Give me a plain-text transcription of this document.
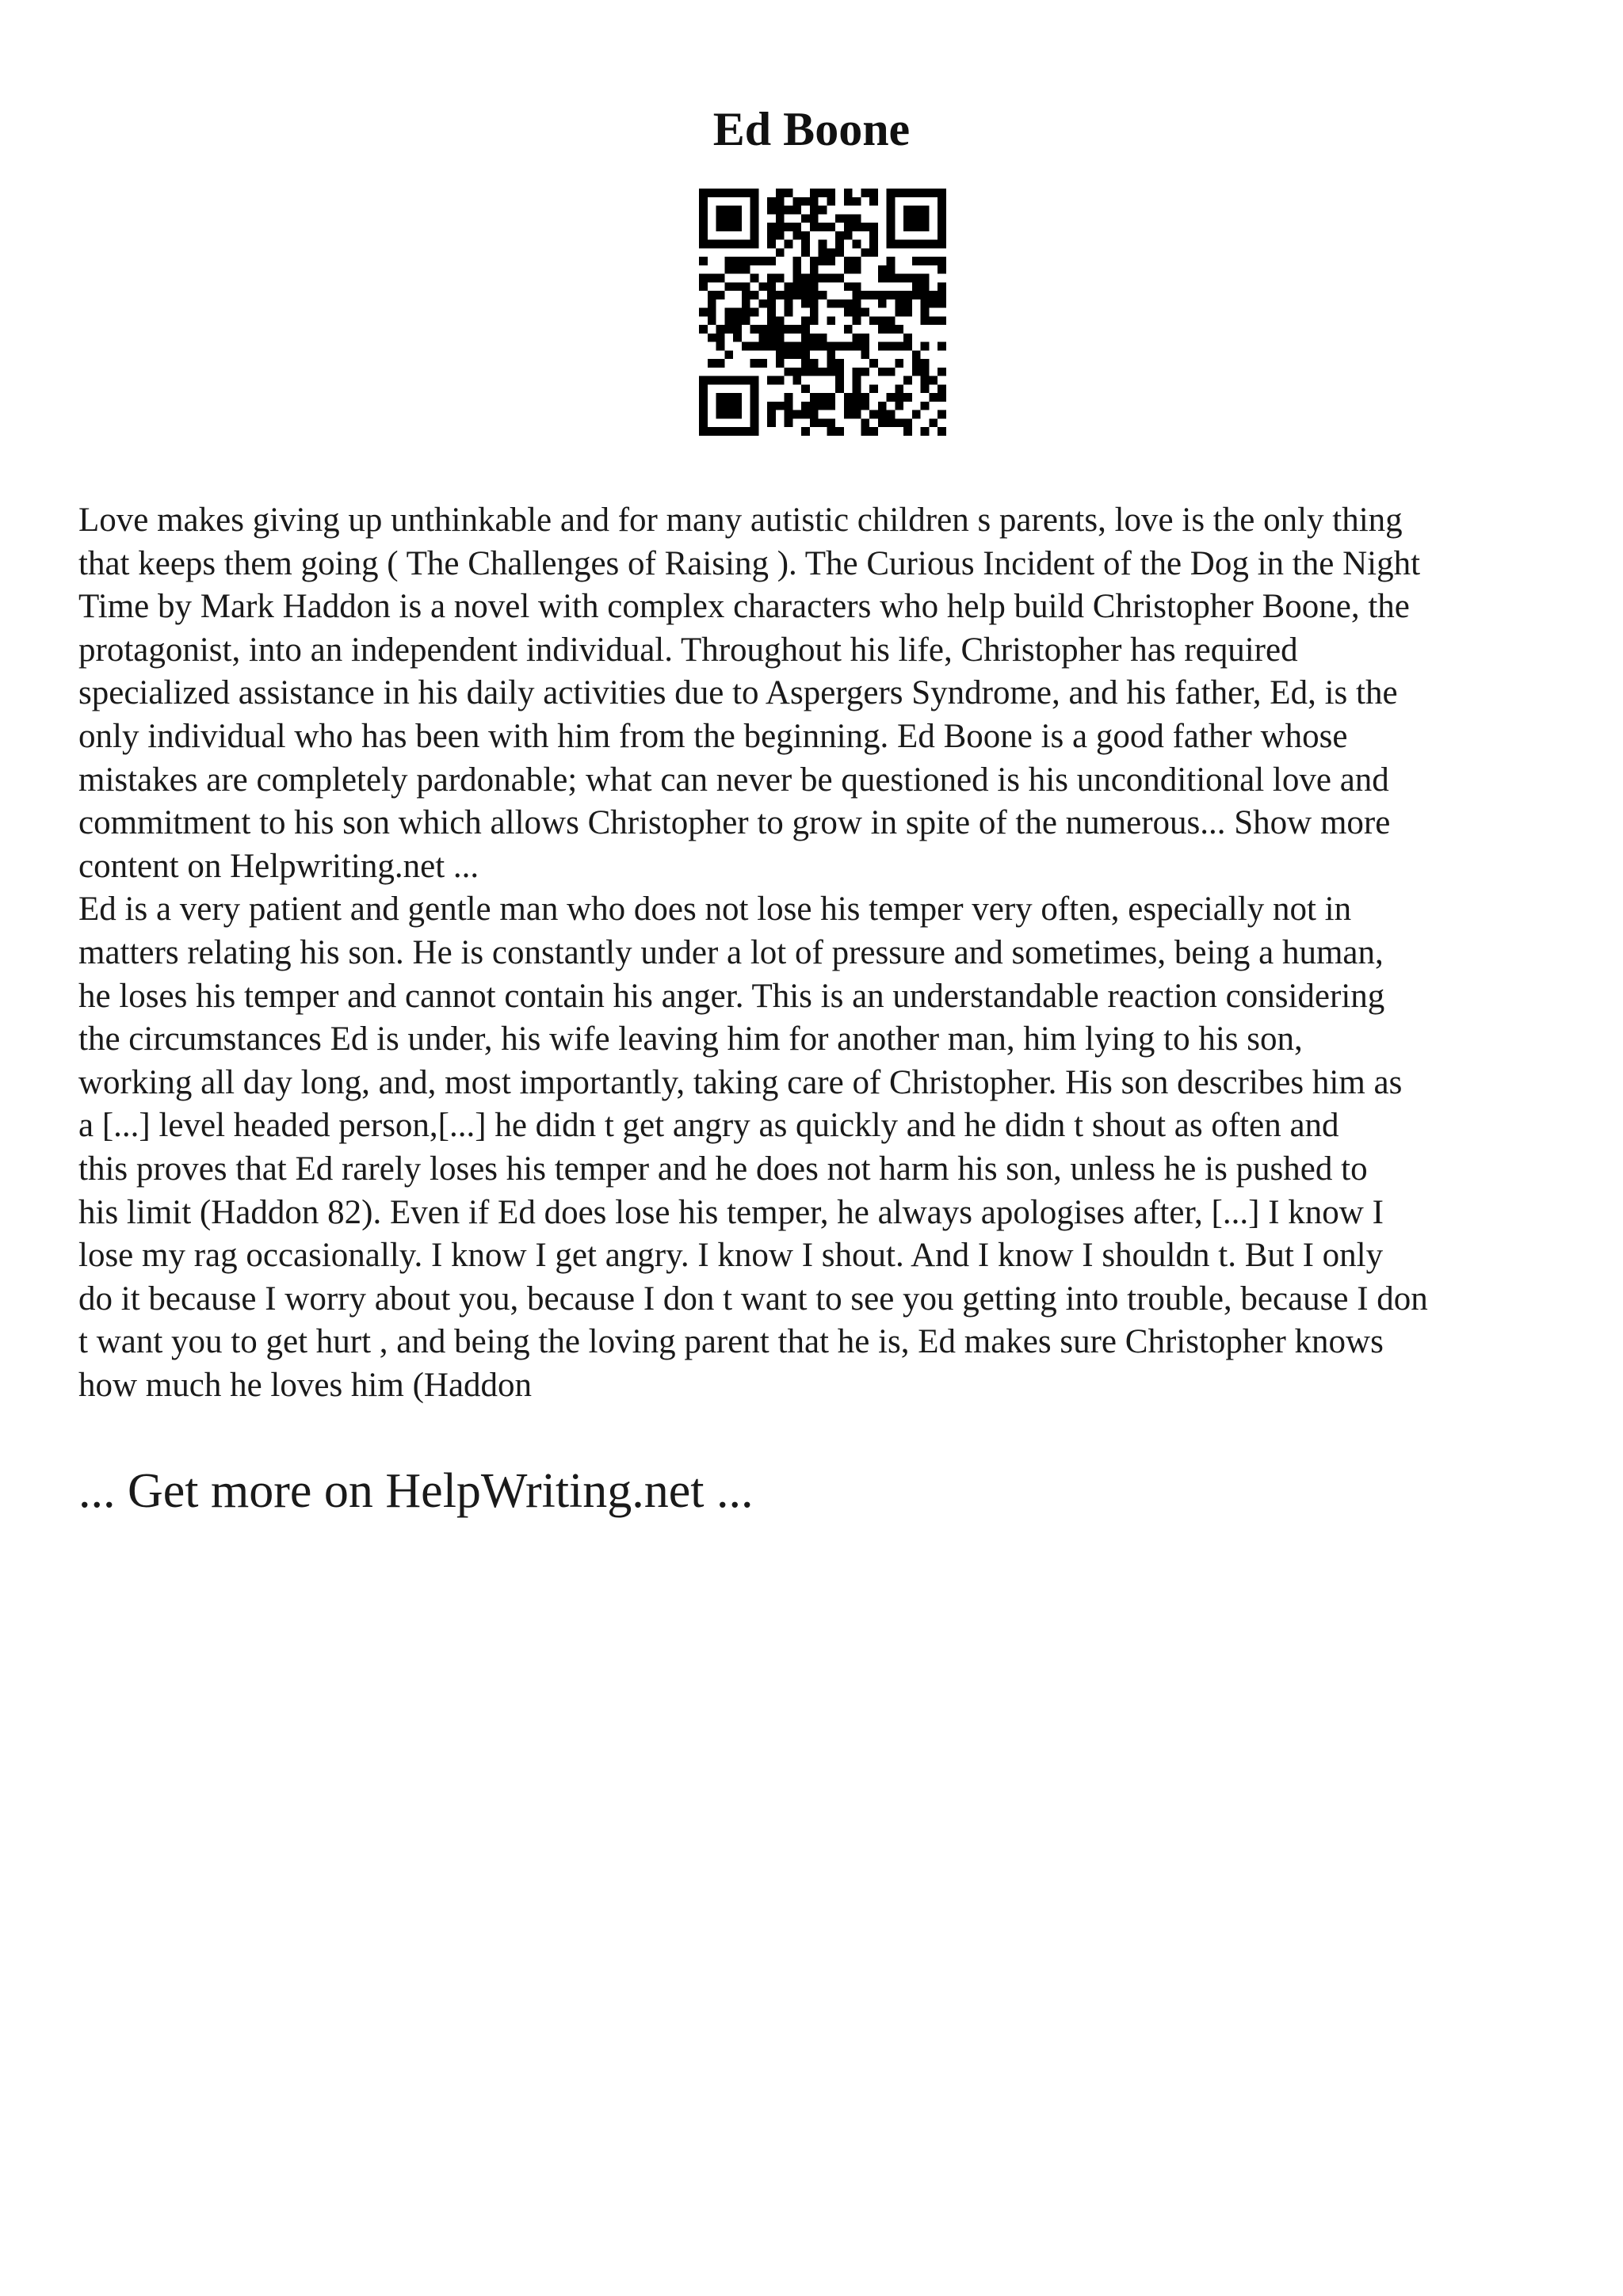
Ed Boone

Love makes giving up unthinkable and for many autistic children s parents, love is the only thing
that keeps them going ( The Challenges of Raising ). The Curious Incident of the Dog in the Night
Time by Mark Haddon is a novel with complex characters who help build Christopher Boone, the
protagonist, into an independent individual. Throughout his life, Christopher has required
specialized assistance in his daily activities due to Aspergers Syndrome, and his father, Ed, is the
only individual who has been with him from the beginning. Ed Boone is a good father whose
mistakes are completely pardonable; what can never be questioned is his unconditional love and
commitment to his son which allows Christopher to grow in spite of the numerous... Show more
content on Helpwriting.net ...

Ed is a very patient and gentle man who does not lose his temper very often, especially not in
matters relating his son. He is constantly under a lot of pressure and sometimes, being a human,
he loses his temper and cannot contain his anger. This is an understandable reaction considering
the circumstances Ed is under, his wife leaving him for another man, him lying to his son,
working all day long, and, most importantly, taking care of Christopher. His son describes him as
a [...] level headed person,[...] he didn t get angry as quickly and he didn t shout as often and
this proves that Ed rarely loses his temper and he does not harm his son, unless he is pushed to
his limit (Haddon 82). Even if Ed does lose his temper, he always apologises after, [...] I know I
lose my rag occasionally. I know I get angry. I know I shout. And I know I shouldn t. But I only
do it because I worry about you, because I don t want to see you getting into trouble, because I don
t want you to get hurt , and being the loving parent that he is, Ed makes sure Christopher knows
how much he loves him (Haddon

... Get more on HelpWriting.net ...
